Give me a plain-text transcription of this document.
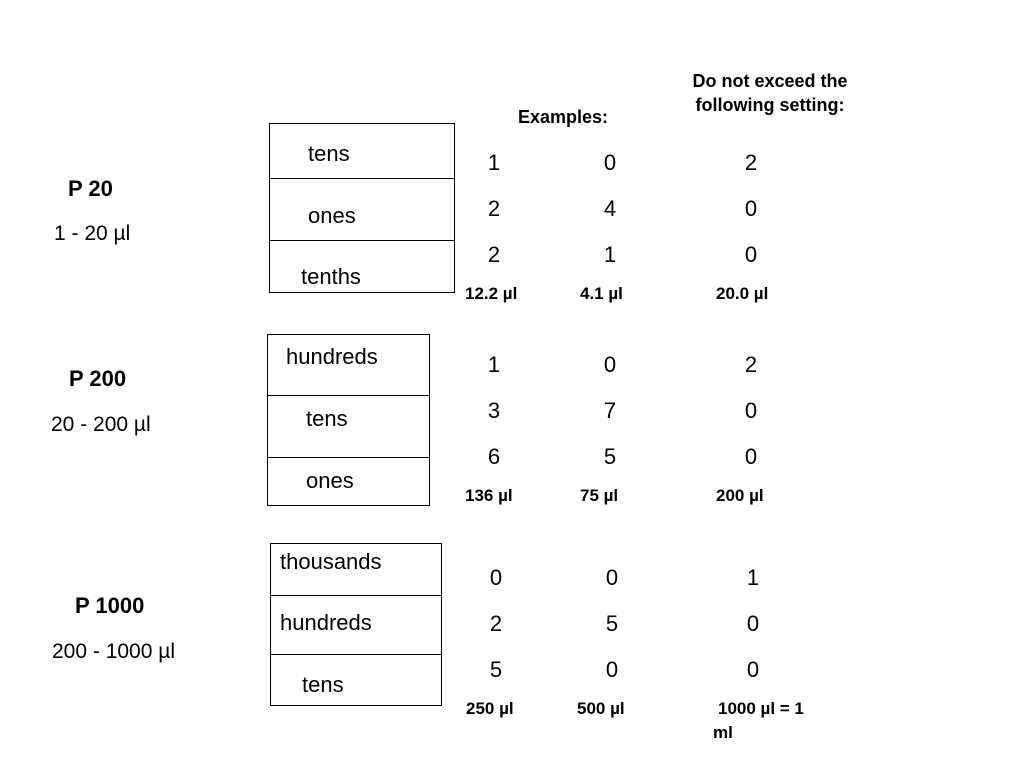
Examples:
Do not exceed the
following setting:
P 20
1 - 20 µl
tens
ones
tenths
1
2
2
12.2 µl
0
4
1
4.1 µl
2
0
0
20.0 µl
P 200
20 - 200 µl
hundreds
tens
ones
1
3
6
136 µl
0
7
5
75 µl
2
0
0
200 µl
P 1000
200 - 1000 µl
thousands
hundreds
tens
0
2
5
250 µl
0
5
0
500 µl
1
0
0
1000 µl = 1
ml
